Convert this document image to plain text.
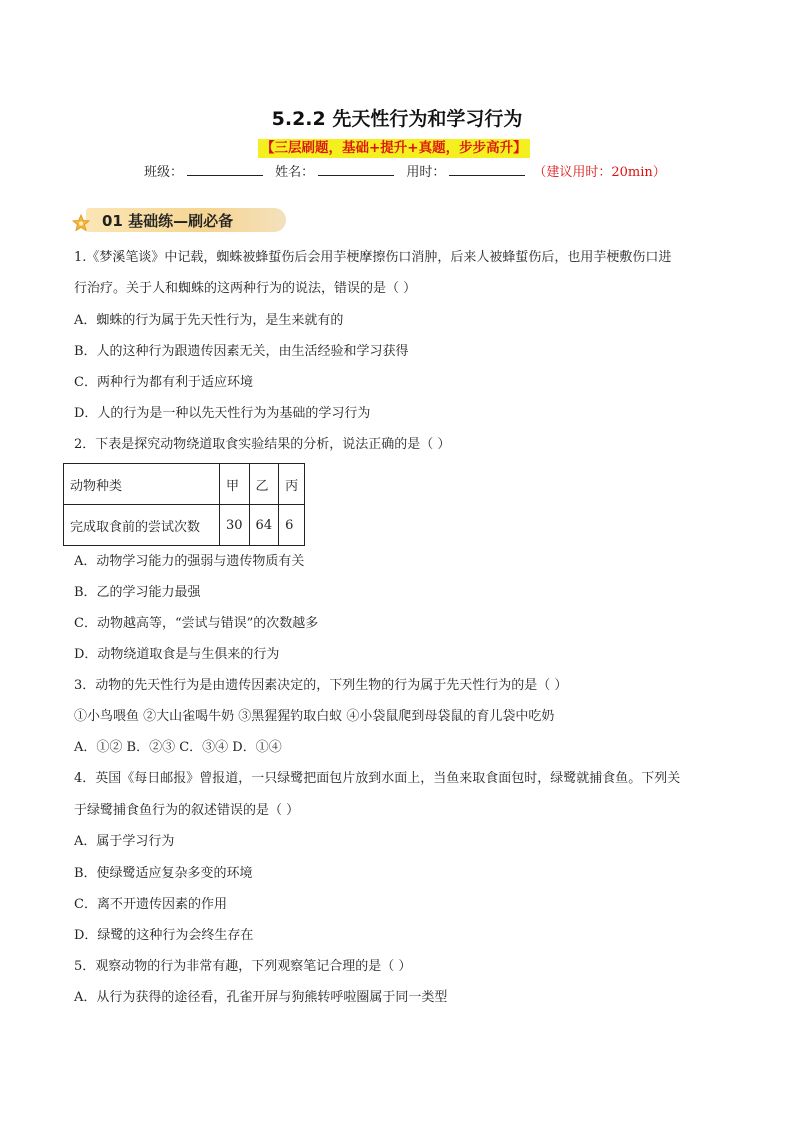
5.2.2 先天性行为和学习行为
【三层刷题，基础+提升+真题，步步高升】
班级：	姓名：	用时：	（建议用时：20min）
01 基础练—刷必备
1.《梦溪笔谈》中记载，蜘蛛被蜂蜇伤后会用芋梗摩擦伤口消肿，后来人被蜂蜇伤后，也用芋梗敷伤口进
行治疗。关于人和蜘蛛的这两种行为的说法，错误的是（ ）
A．蜘蛛的行为属于先天性行为，是生来就有的
B．人的这种行为跟遗传因素无关，由生活经验和学习获得
C．两种行为都有利于适应环境
D．人的行为是一种以先天性行为为基础的学习行为
2．下表是探究动物绕道取食实验结果的分析，说法正确的是（ ）
动物种类	甲	乙	丙
完成取食前的尝试次数	30	64	6
A．动物学习能力的强弱与遗传物质有关
B．乙的学习能力最强
C．动物越高等，“尝试与错误”的次数越多
D．动物绕道取食是与生俱来的行为
3．动物的先天性行为是由遗传因素决定的，下列生物的行为属于先天性行为的是（ ）
①小鸟喂鱼 ②大山雀喝牛奶 ③黑猩猩钓取白蚁 ④小袋鼠爬到母袋鼠的育儿袋中吃奶
A．①② B．②③ C．③④ D．①④
4．英国《每日邮报》曾报道，一只绿鹭把面包片放到水面上，当鱼来取食面包时，绿鹭就捕食鱼。下列关
于绿鹭捕食鱼行为的叙述错误的是（ ）
A．属于学习行为
B．使绿鹭适应复杂多变的环境
C．离不开遗传因素的作用
D．绿鹭的这种行为会终生存在
5．观察动物的行为非常有趣，下列观察笔记合理的是（ ）
A．从行为获得的途径看，孔雀开屏与狗熊转呼啦圈属于同一类型
